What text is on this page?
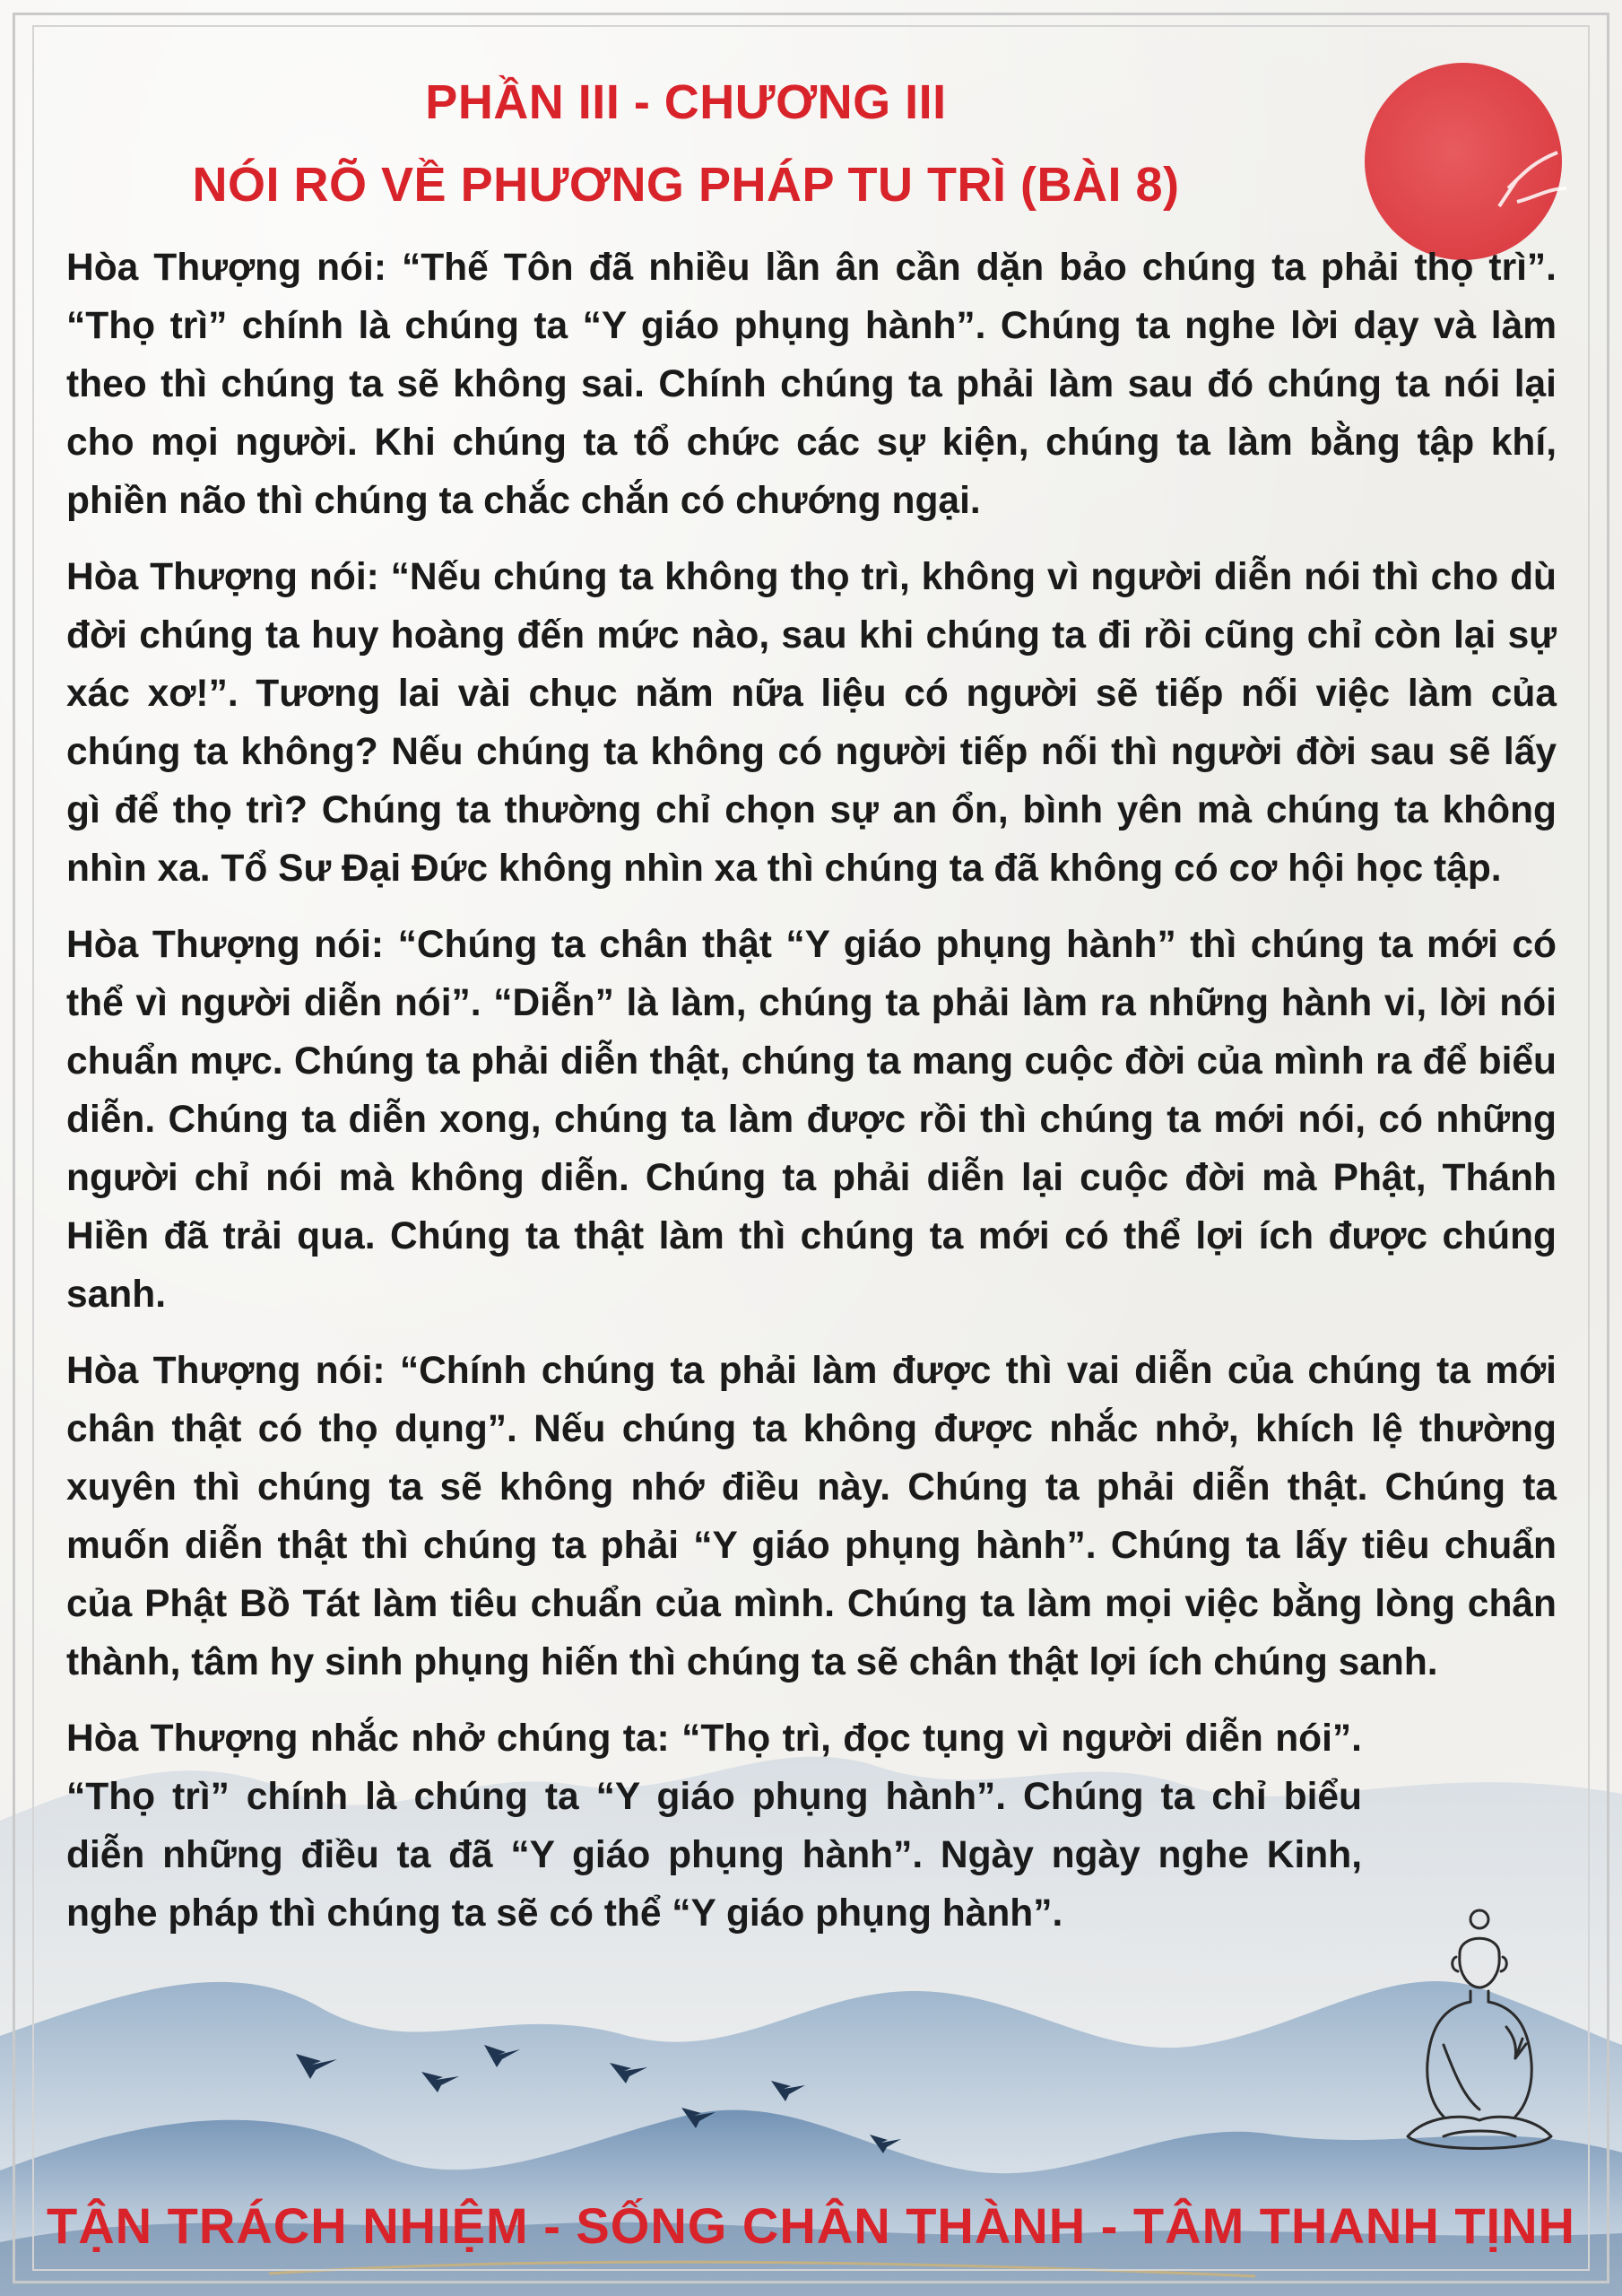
PHẦN III - CHƯƠNG III
NÓI RÕ VỀ PHƯƠNG PHÁP TU TRÌ (BÀI 8)

Hòa Thượng nói: “Thế Tôn đã nhiều lần ân cần dặn bảo chúng ta phải thọ trì”. “Thọ trì” chính là chúng ta “Y giáo phụng hành”. Chúng ta nghe lời dạy và làm theo thì chúng ta sẽ không sai. Chính chúng ta phải làm sau đó chúng ta nói lại cho mọi người. Khi chúng ta tổ chức các sự kiện, chúng ta làm bằng tập khí, phiền não thì chúng ta chắc chắn có chướng ngại.

Hòa Thượng nói: “Nếu chúng ta không thọ trì, không vì người diễn nói thì cho dù đời chúng ta huy hoàng đến mức nào, sau khi chúng ta đi rồi cũng chỉ còn lại sự xác xơ!”. Tương lai vài chục năm nữa liệu có người sẽ tiếp nối việc làm của chúng ta không? Nếu chúng ta không có người tiếp nối thì người đời sau sẽ lấy gì để thọ trì? Chúng ta thường chỉ chọn sự an ổn, bình yên mà chúng ta không nhìn xa. Tổ Sư Đại Đức không nhìn xa thì chúng ta đã không có cơ hội học tập.

Hòa Thượng nói: “Chúng ta chân thật “Y giáo phụng hành” thì chúng ta mới có thể vì người diễn nói”. “Diễn” là làm, chúng ta phải làm ra những hành vi, lời nói chuẩn mực. Chúng ta phải diễn thật, chúng ta mang cuộc đời của mình ra để biểu diễn. Chúng ta diễn xong, chúng ta làm được rồi thì chúng ta mới nói, có những người chỉ nói mà không diễn. Chúng ta phải diễn lại cuộc đời mà Phật, Thánh Hiền đã trải qua. Chúng ta thật làm thì chúng ta mới có thể lợi ích được chúng sanh.

Hòa Thượng nói: “Chính chúng ta phải làm được thì vai diễn của chúng ta mới chân thật có thọ dụng”. Nếu chúng ta không được nhắc nhở, khích lệ thường xuyên thì chúng ta sẽ không nhớ điều này. Chúng ta phải diễn thật. Chúng ta muốn diễn thật thì chúng ta phải “Y giáo phụng hành”. Chúng ta lấy tiêu chuẩn của Phật Bồ Tát làm tiêu chuẩn của mình. Chúng ta làm mọi việc bằng lòng chân thành, tâm hy sinh phụng hiến thì chúng ta sẽ chân thật lợi ích chúng sanh.

Hòa Thượng nhắc nhở chúng ta: “Thọ trì, đọc tụng vì người diễn nói”. “Thọ trì” chính là chúng ta “Y giáo phụng hành”. Chúng ta chỉ biểu diễn những điều ta đã “Y giáo phụng hành”. Ngày ngày nghe Kinh, nghe pháp thì chúng ta sẽ có thể “Y giáo phụng hành”.

TẬN TRÁCH NHIỆM - SỐNG CHÂN THÀNH - TÂM THANH TỊNH
